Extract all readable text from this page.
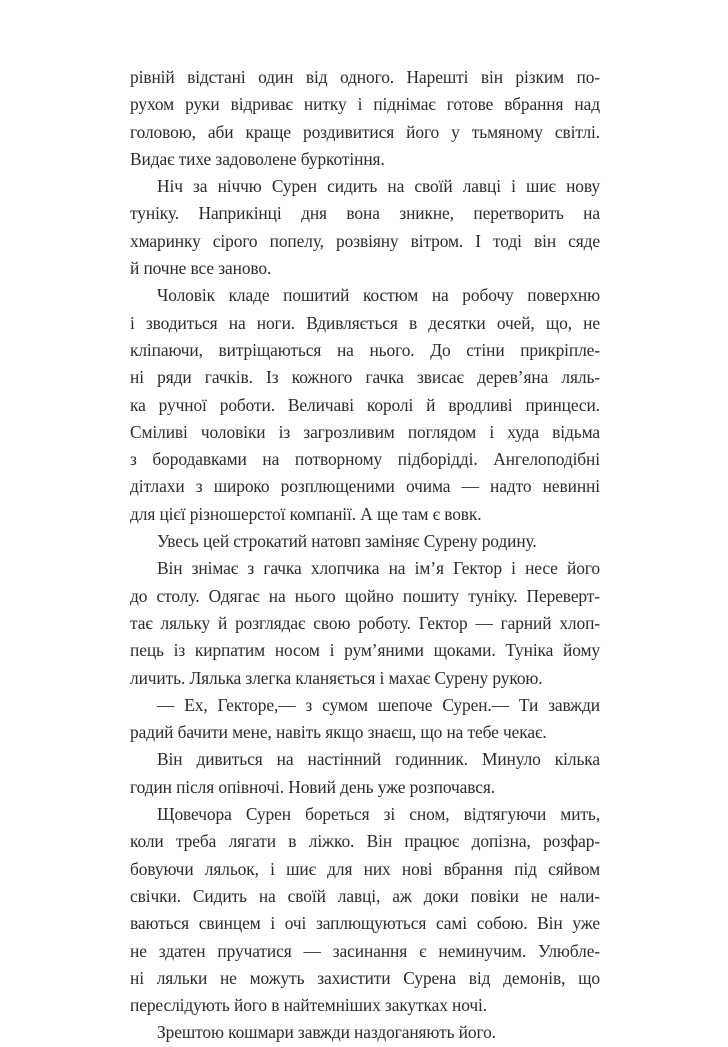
рівній відстані один від одного. Нарешті він різким по-
рухом руки відриває нитку і піднімає готове вбрання над
головою, аби краще роздивитися його у тьмяному світлі.
Видає тихе задоволене буркотіння.
Ніч за ніччю Сурен сидить на своїй лавці і шиє нову
туніку. Наприкінці дня вона зникне, перетворить на
хмаринку сірого попелу, розвіяну вітром. І тоді він сяде
й почне все заново.
Чоловік кладе пошитий костюм на робочу поверхню
і зводиться на ноги. Вдивляється в десятки очей, що, не
кліпаючи, витріщаються на нього. До стіни прикріпле-
ні ряди гачків. Із кожного гачка звисає дерев’яна ляль-
ка ручної роботи. Величаві королі й вродливі принцеси.
Сміливі чоловіки із загрозливим поглядом і худа відьма
з бородавками на потворному підборідді. Ангелоподібні
дітлахи з широко розплющеними очима — надто невинні
для цієї різношерстої компанії. А ще там є вовк.
Увесь цей строкатий натовп заміняє Сурену родину.
Він знімає з гачка хлопчика на ім’я Гектор і несе його
до столу. Одягає на нього щойно пошиту туніку. Переверт-
тає ляльку й розглядає свою роботу. Гектор — гарний хлоп-
пець із кирпатим носом і рум’яними щоками. Туніка йому
личить. Лялька злегка кланяється і махає Сурену рукою.
— Ех, Гекторе,— з сумом шепоче Сурен.— Ти завжди
радий бачити мене, навіть якщо знаєш, що на тебе чекає.
Він дивиться на настінний годинник. Минуло кілька
годин після опівночі. Новий день уже розпочався.
Щовечора Сурен бореться зі сном, відтягуючи мить,
коли треба лягати в ліжко. Він працює допізна, розфар-
бовуючи ляльок, і шиє для них нові вбрання під сяйвом
свічки. Сидить на своїй лавці, аж доки повіки не нали-
ваються свинцем і очі заплющуються самі собою. Він уже
не здатен пручатися — засинання є неминучим. Улюбле-
ні ляльки не можуть захистити Сурена від демонів, що
переслідують його в найтемніших закутках ночі.
Зрештою кошмари завжди наздоганяють його.
